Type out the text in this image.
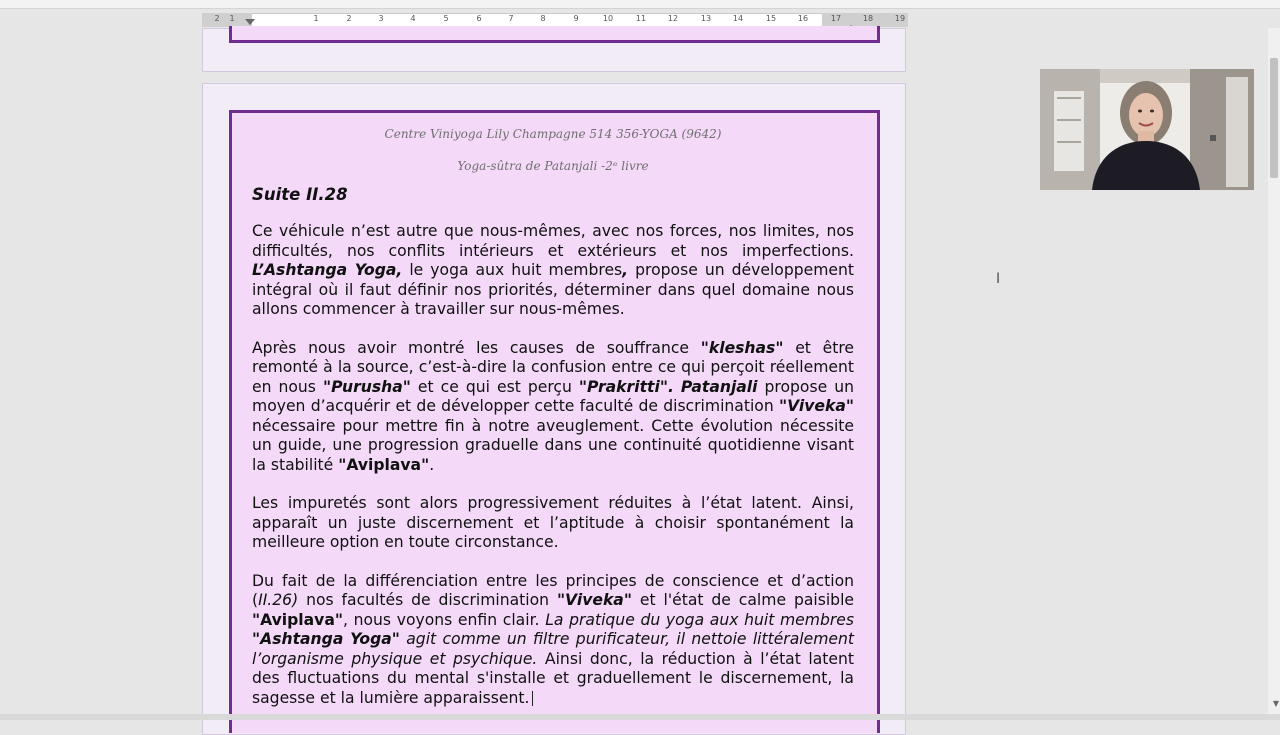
2 1	1	2	3	4	5	6	7	8	9	10	11	12	13	14	15	16	17	18	19
Centre Viniyoga Lily Champagne 514 356-YOGA (9642)
Yoga-sûtra de Patanjali -2ᵉ livre
Suite II.28

Ce véhicule n’est autre que nous-mêmes, avec nos forces, nos limites, nos difficultés, nos conflits intérieurs et extérieurs et nos imperfections. L’Ashtanga Yoga, le yoga aux huit membres, propose un développement intégral où il faut définir nos priorités, déterminer dans quel domaine nous allons commencer à travailler sur nous-mêmes.

Après nous avoir montré les causes de souffrance "kleshas" et être remonté à la source, c’est-à-dire la confusion entre ce qui perçoit réellement en nous "Purusha" et ce qui est perçu "Prakritti". Patanjali propose un moyen d’acquérir et de développer cette faculté de discrimination "Viveka" nécessaire pour mettre fin à notre aveuglement. Cette évolution nécessite un guide, une progression graduelle dans une continuité quotidienne visant la stabilité "Aviplava".

Les impuretés sont alors progressivement réduites à l’état latent. Ainsi, apparaît un juste discernement et l’aptitude à choisir spontanément la meilleure option en toute circonstance.

Du fait de la différenciation entre les principes de conscience et d’action (II.26) nos facultés de discrimination "Viveka" et l'état de calme paisible "Aviplava", nous voyons enfin clair. La pratique du yoga aux huit membres "Ashtanga Yoga" agit comme un filtre purificateur, il nettoie littéralement l’organisme physique et psychique. Ainsi donc, la réduction à l’état latent des fluctuations du mental s'installe et graduellement le discernement, la sagesse et la lumière apparaissent.

I
▼
